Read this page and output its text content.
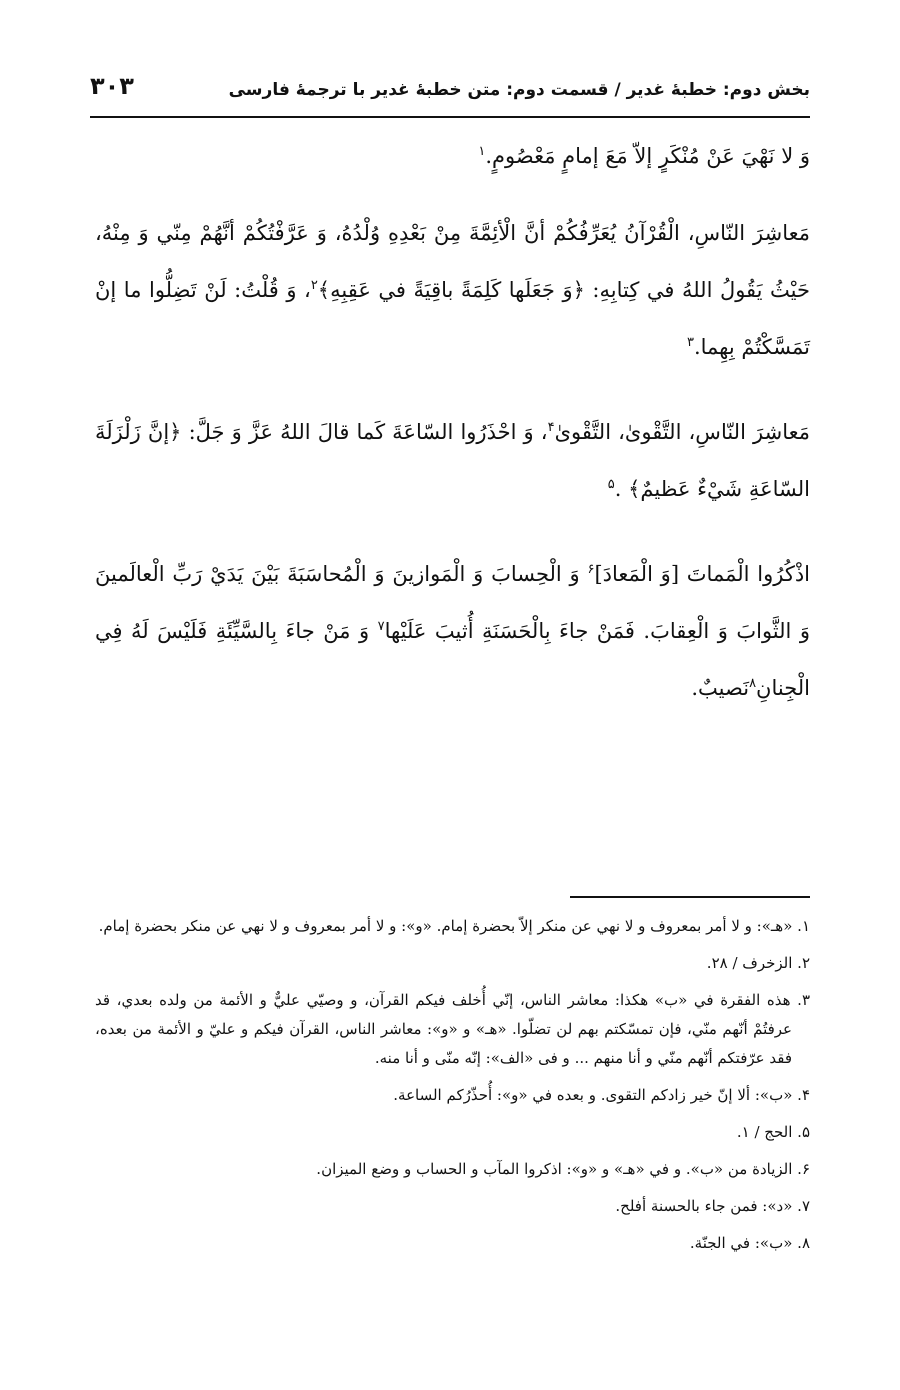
بخش دوم: خطبهٔ غدیر / قسمت دوم: متن خطبهٔ غدیر با ترجمهٔ فارسی
۳۰۳

وَ لا نَهْيَ عَنْ مُنْكَرٍ إلاّ مَعَ إمامٍ مَعْصُومٍ.$^١$

مَعاشِرَ النّاسِ، الْقُرْآنُ يُعَرِّفُكُمْ أنَّ الْأئِمَّةَ مِنْ بَعْدِهِ وُلْدُهُ، وَ عَرَّفْتُكُمْ أنَّهُمْ مِنّي وَ مِنْهُ، حَيْثُ يَقُولُ اللهُ في كِتابِهِ: ﴿وَ جَعَلَها كَلِمَةً باقِيَةً في عَقِبِهِ﴾$^٢$، وَ قُلْتُ: لَنْ تَضِلُّوا ما إنْ تَمَسَّكْتُمْ بِهِما.$^٣$

مَعاشِرَ النّاسِ، التَّقْوىٰ، التَّقْوىٰ$^۴$، وَ احْذَرُوا السّاعَةَ كَما قالَ اللهُ عَزَّ وَ جَلَّ: ﴿إنَّ زَلْزَلَةَ السّاعَةِ شَيْءٌ عَظيمٌ﴾ .$^۵$

اذْكُرُوا الْمَماتَ [وَ الْمَعادَ]$^۶$ وَ الْحِسابَ وَ الْمَوازينَ وَ الْمُحاسَبَةَ بَيْنَ يَدَيْ رَبِّ الْعالَمينَ وَ الثَّوابَ وَ الْعِقابَ. فَمَنْ جاءَ بِالْحَسَنَةِ أُثيبَ عَلَيْها$^٧$ وَ مَنْ جاءَ بِالسَّيِّئَةِ فَلَيْسَ لَهُ فِي الْجِنانِ$^٨$نَصيبٌ.

١. «هـ»: و لا أمر بمعروف و لا نهي عن منكر إلاّ بحضرة إمام. «و»: و لا أمر بمعروف و لا نهي عن منكر بحضرة إمام.
٢. الزخرف / ٢٨.
٣. هذه الفقرة في «ب» هكذا: معاشر الناس، إنّي أُخلف فيكم القرآن، و وصيّي عليٌّ و الأئمة من ولده بعدي، قد عرفتُمْ أنّهم منّي، فإن تمسّكتم بهم لن تضلّوا. «هـ» و «و»: معاشر الناس، القرآن فيكم و عليّ و الأئمة من بعده، فقد عرّفتكم أنّهم منّي و أنا منهم ... و فى «الف»: إنّه منّى و أنا منه.
۴. «ب»: ألا إنّ خير زادكم التقوى. و بعده في «و»: أُحذّرُكم الساعة.
۵. الحج / ١.
۶. الزيادة من «ب». و في «هـ» و «و»: اذكروا المآب و الحساب و وضع الميزان.
٧. «د»: فمن جاء بالحسنة أفلح.
٨. «ب»: في الجنّة.
